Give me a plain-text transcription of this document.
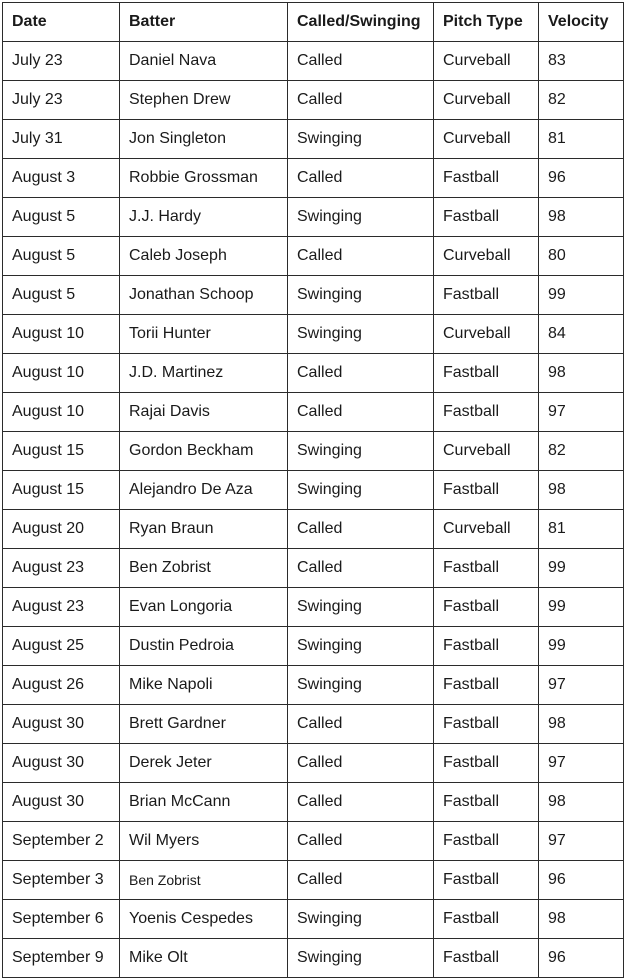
Date	Batter	Called/Swinging	Pitch Type	Velocity
July 23	Daniel Nava	Called	Curveball	83
July 23	Stephen Drew	Called	Curveball	82
July 31	Jon Singleton	Swinging	Curveball	81
August 3	Robbie Grossman	Called	Fastball	96
August 5	J.J. Hardy	Swinging	Fastball	98
August 5	Caleb Joseph	Called	Curveball	80
August 5	Jonathan Schoop	Swinging	Fastball	99
August 10	Torii Hunter	Swinging	Curveball	84
August 10	J.D. Martinez	Called	Fastball	98
August 10	Rajai Davis	Called	Fastball	97
August 15	Gordon Beckham	Swinging	Curveball	82
August 15	Alejandro De Aza	Swinging	Fastball	98
August 20	Ryan Braun	Called	Curveball	81
August 23	Ben Zobrist	Called	Fastball	99
August 23	Evan Longoria	Swinging	Fastball	99
August 25	Dustin Pedroia	Swinging	Fastball	99
August 26	Mike Napoli	Swinging	Fastball	97
August 30	Brett Gardner	Called	Fastball	98
August 30	Derek Jeter	Called	Fastball	97
August 30	Brian McCann	Called	Fastball	98
September 2	Wil Myers	Called	Fastball	97
September 3	Ben Zobrist	Called	Fastball	96
September 6	Yoenis Cespedes	Swinging	Fastball	98
September 9	Mike Olt	Swinging	Fastball	96
